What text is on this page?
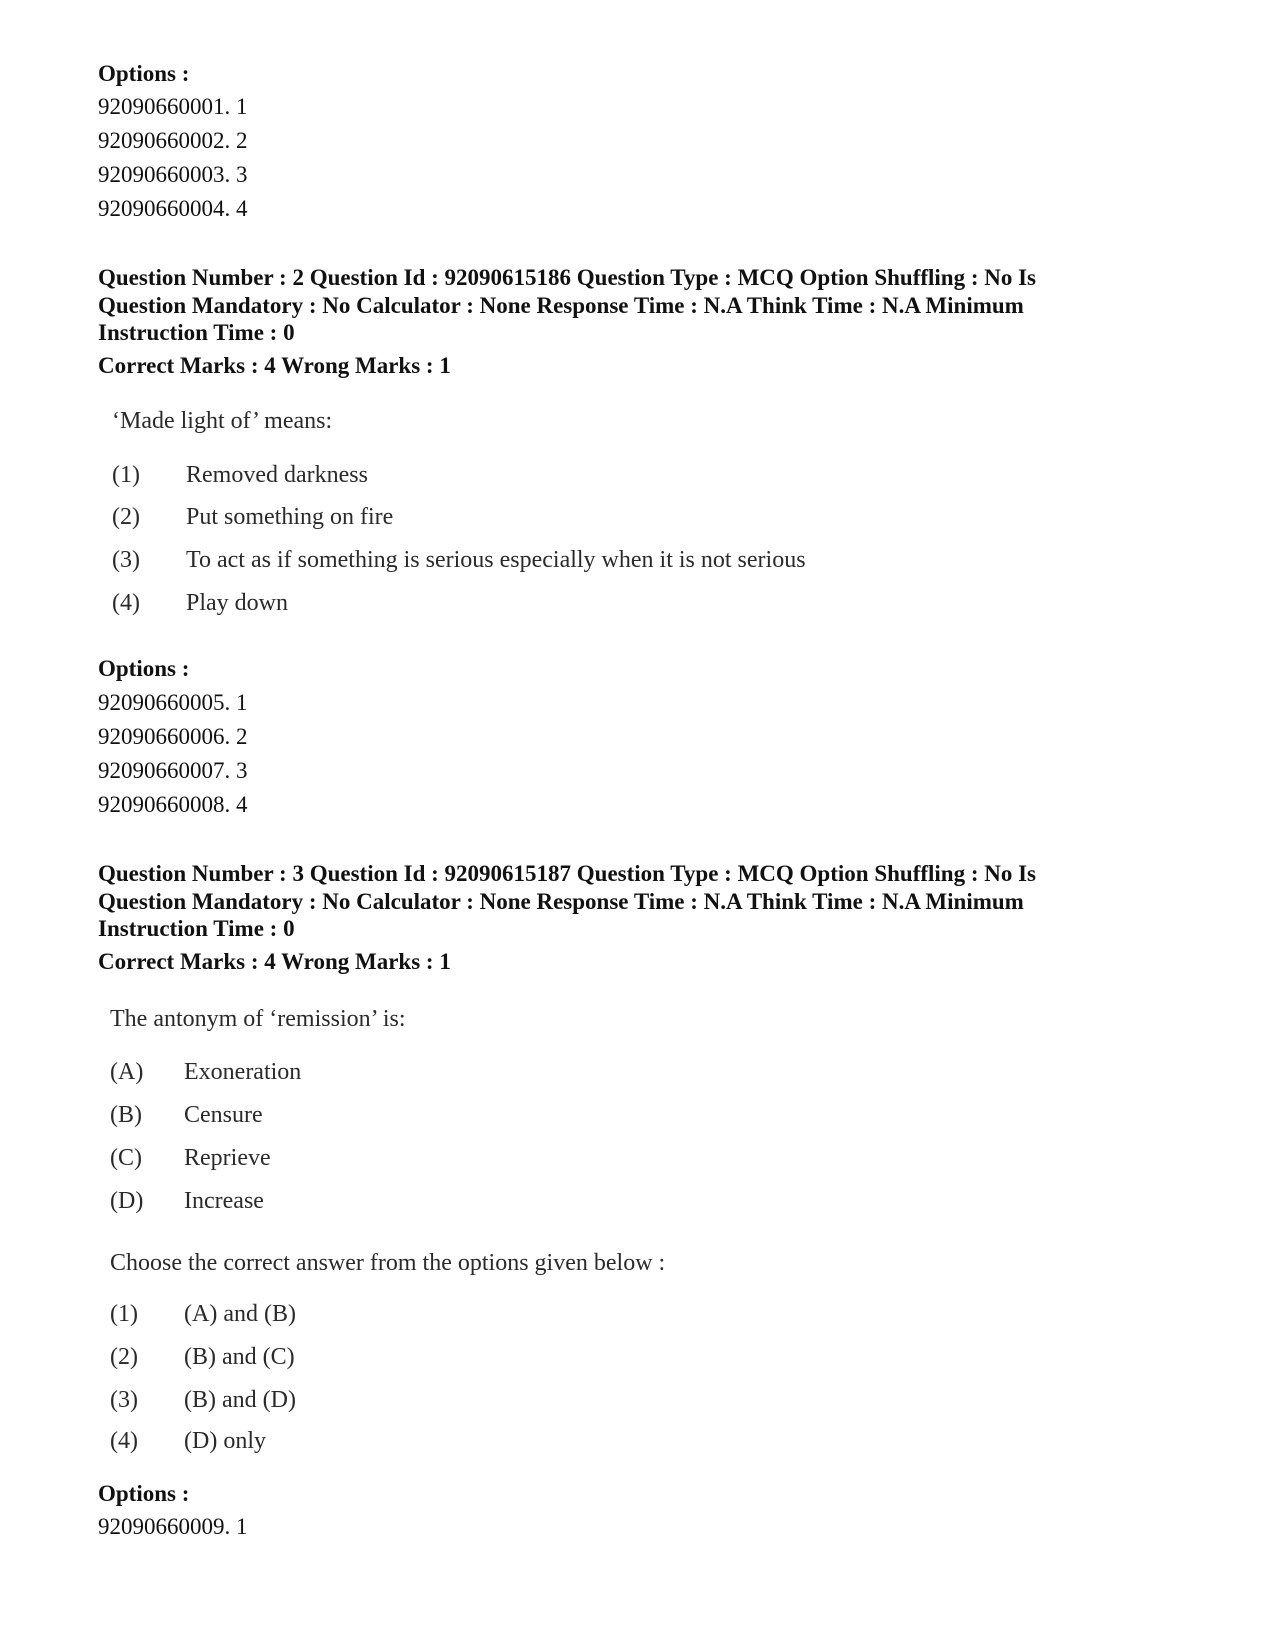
Options :
92090660001. 1
92090660002. 2
92090660003. 3
92090660004. 4
Question Number : 2 Question Id : 92090615186 Question Type : MCQ Option Shuffling : No Is
Question Mandatory : No Calculator : None Response Time : N.A Think Time : N.A Minimum
Instruction Time : 0
Correct Marks : 4 Wrong Marks : 1
‘Made light of’ means:
(1) Removed darkness
(2) Put something on fire
(3) To act as if something is serious especially when it is not serious
(4) Play down
Options :
92090660005. 1
92090660006. 2
92090660007. 3
92090660008. 4
Question Number : 3 Question Id : 92090615187 Question Type : MCQ Option Shuffling : No Is
Question Mandatory : No Calculator : None Response Time : N.A Think Time : N.A Minimum
Instruction Time : 0
Correct Marks : 4 Wrong Marks : 1
The antonym of ‘remission’ is:
(A) Exoneration
(B) Censure
(C) Reprieve
(D) Increase
Choose the correct answer from the options given below :
(1) (A) and (B)
(2) (B) and (C)
(3) (B) and (D)
(4) (D) only
Options :
92090660009. 1
